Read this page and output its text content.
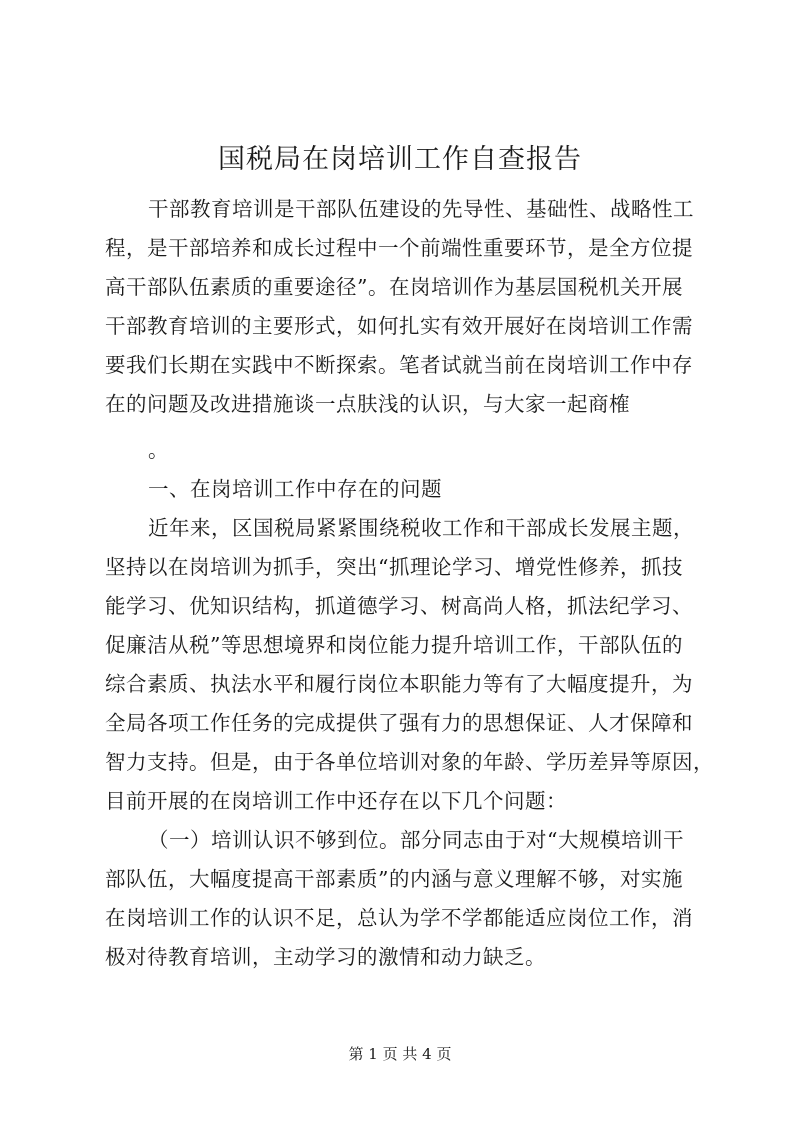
国税局在岗培训工作自查报告

干部教育培训是干部队伍建设的先导性、基础性、战略性工

程，是干部培养和成长过程中一个前端性重要环节，是全方位提

高干部队伍素质的重要途径”。在岗培训作为基层国税机关开展

干部教育培训的主要形式，如何扎实有效开展好在岗培训工作需

要我们长期在实践中不断探索。笔者试就当前在岗培训工作中存

在的问题及改进措施谈一点肤浅的认识，与大家一起商榷

。

一、在岗培训工作中存在的问题

近年来，区国税局紧紧围绕税收工作和干部成长发展主题，

坚持以在岗培训为抓手，突出“抓理论学习、增党性修养，抓技

能学习、优知识结构，抓道德学习、树高尚人格，抓法纪学习、

促廉洁从税”等思想境界和岗位能力提升培训工作，干部队伍的

综合素质、执法水平和履行岗位本职能力等有了大幅度提升，为

全局各项工作任务的完成提供了强有力的思想保证、人才保障和

智力支持。但是，由于各单位培训对象的年龄、学历差异等原因，

目前开展的在岗培训工作中还存在以下几个问题：

（一）培训认识不够到位。部分同志由于对“大规模培训干

部队伍，大幅度提高干部素质”的内涵与意义理解不够，对实施

在岗培训工作的认识不足，总认为学不学都能适应岗位工作，消

极对待教育培训，主动学习的激情和动力缺乏。

第 1 页 共 4 页
